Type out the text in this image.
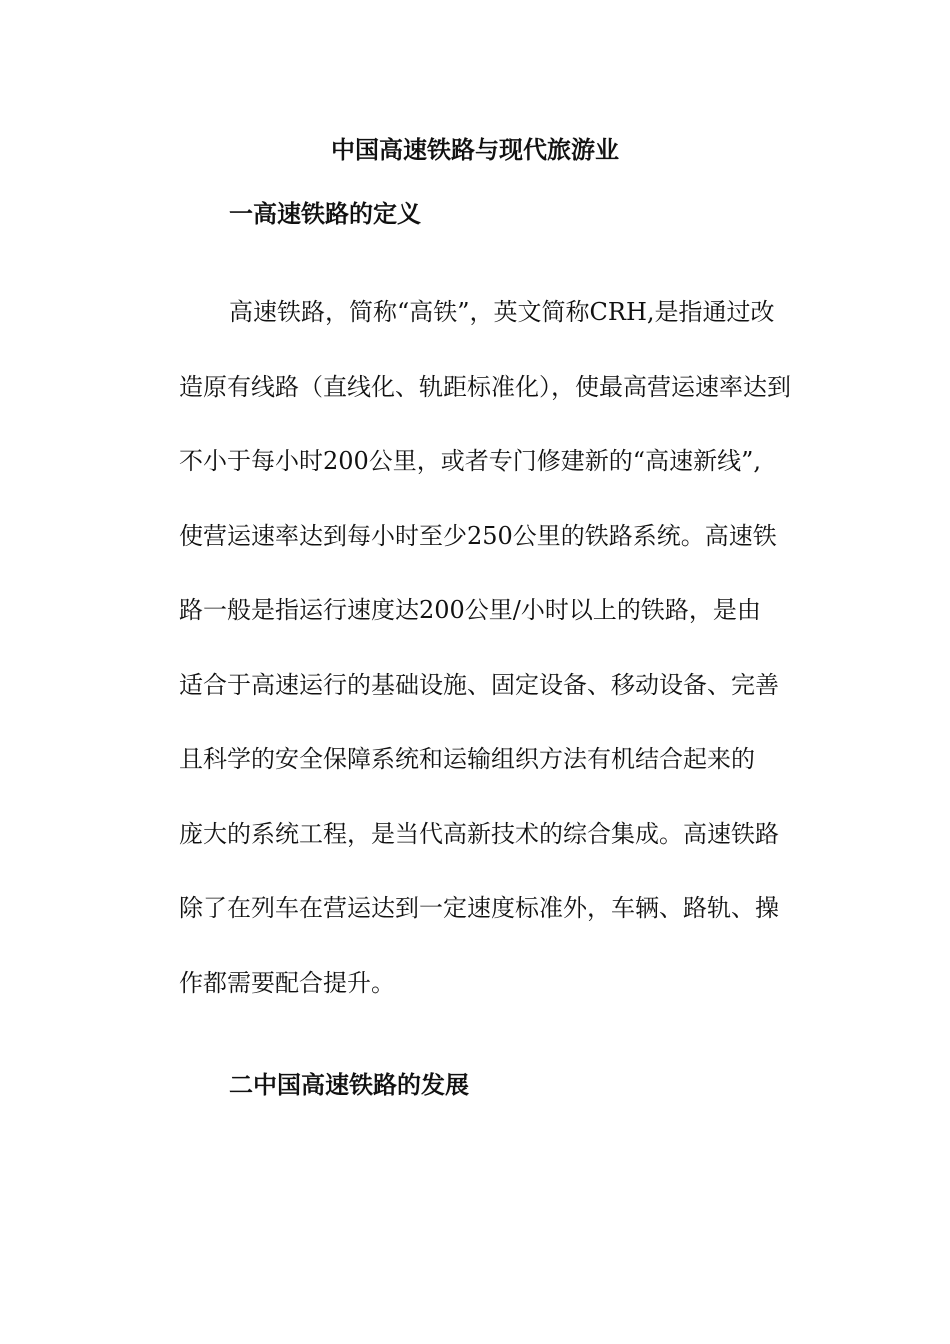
中国高速铁路与现代旅游业
一高速铁路的定义
高速铁路，简称“高铁”，英文简称CRH,是指通过改
造原有线路（直线化、轨距标准化），使最高营运速率达到
不小于每小时200公里，或者专门修建新的“高速新线”,
使营运速率达到每小时至少250公里的铁路系统。高速铁
路一般是指运行速度达200公里/小时以上的铁路，是由
适合于高速运行的基础设施、固定设备、移动设备、完善
且科学的安全保障系统和运输组织方法有机结合起来的
庞大的系统工程，是当代高新技术的综合集成。高速铁路
除了在列车在营运达到一定速度标准外，车辆、路轨、操
作都需要配合提升。
二中国高速铁路的发展
